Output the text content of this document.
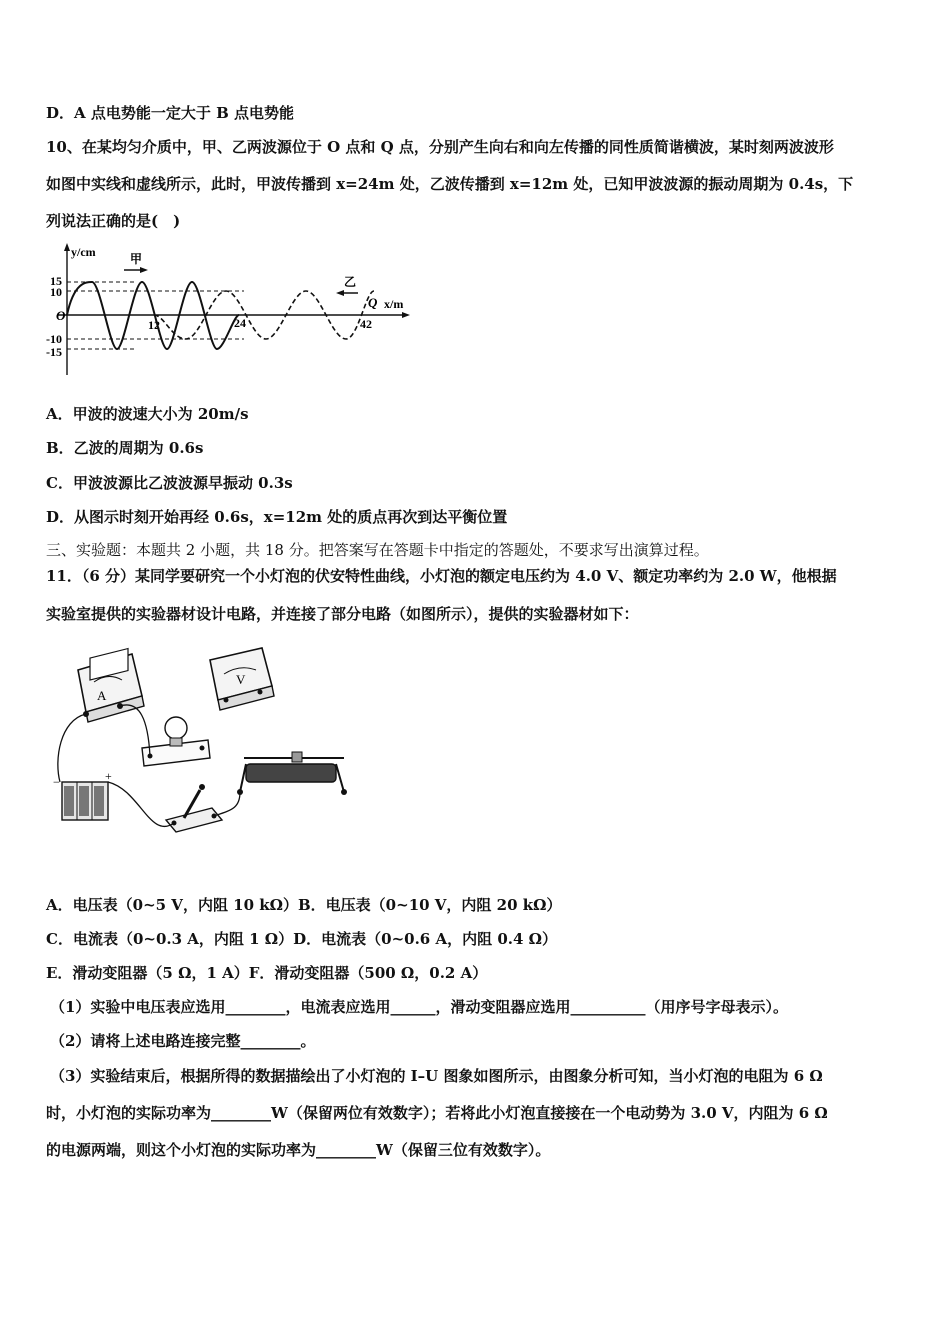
D．A 点电势能一定大于 B 点电势能
10、在某均匀介质中，甲、乙两波源位于 O 点和 Q 点，分别产生向右和向左传播的同性质简谐横波，某时刻两波波形
如图中实线和虚线所示，此时，甲波传播到 x=24m 处，乙波传播到 x=12m 处，已知甲波波源的振动周期为 0.4s，下
列说法正确的是(　)
y/cm
x/m
15
10
-10
-15
O
12	24	42
Q
甲
乙
A．甲波的波速大小为 20m/s
B．乙波的周期为 0.6s
C．甲波波源比乙波波源早振动 0.3s
D．从图示时刻开始再经 0.6s，x=12m 处的质点再次到达平衡位置
三、实验题：本题共 2 小题，共 18 分。把答案写在答题卡中指定的答题处，不要求写出演算过程。
11．（6 分）某同学要研究一个小灯泡的伏安特性曲线，小灯泡的额定电压约为 4.0 V、额定功率约为 2.0 W，他根据
实验室提供的实验器材设计电路，并连接了部分电路（如图所示），提供的实验器材如下：
A
V
−	+
A．电压表（0~5 V，内阻 10 kΩ）B．电压表（0~10 V，内阻 20 kΩ）
C．电流表（0~0.3 A，内阻 1 Ω）D．电流表（0~0.6 A，内阻 0.4 Ω）
E．滑动变阻器（5 Ω，1 A）F．滑动变阻器（500 Ω，0.2 A）
（1）实验中电压表应选用________，电流表应选用______，滑动变阻器应选用__________（用序号字母表示）。
（2）请将上述电路连接完整________。
（3）实验结束后，根据所得的数据描绘出了小灯泡的 I–U 图象如图所示，由图象分析可知，当小灯泡的电阻为 6 Ω
时，小灯泡的实际功率为________W（保留两位有效数字）；若将此小灯泡直接接在一个电动势为 3.0 V，内阻为 6 Ω
的电源两端，则这个小灯泡的实际功率为________W（保留三位有效数字）。
